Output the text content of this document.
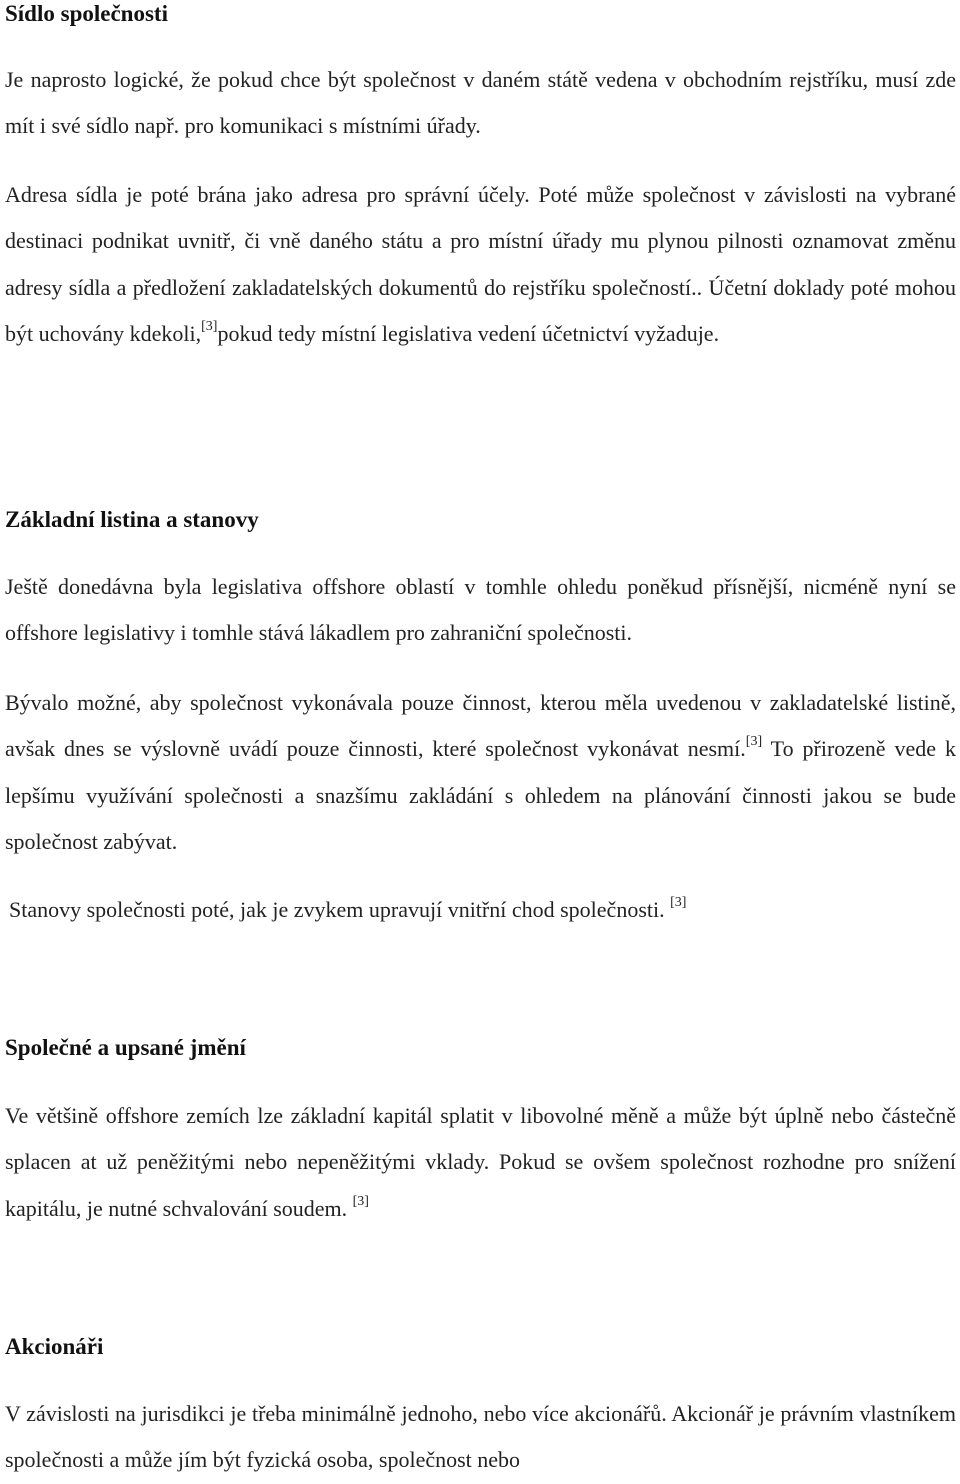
Sídlo společnosti

Je naprosto logické, že pokud chce být společnost v daném státě vedena v obchodním rejstříku, musí zde mít i své sídlo např. pro komunikaci s místními úřady.

Adresa sídla je poté brána jako adresa pro správní účely. Poté může společnost v závislosti na vybrané destinaci podnikat uvnitř, či vně daného státu a pro místní úřady mu plynou pilnosti oznamovat změnu adresy sídla a předložení zakladatelských dokumentů do rejstříku společností.. Účetní doklady poté mohou být uchovány kdekoli,[3]pokud tedy místní legislativa vedení účetnictví vyžaduje.

Základní listina a stanovy

Ještě donedávna byla legislativa offshore oblastí v tomhle ohledu poněkud přísnější, nicméně nyní se offshore legislativy i tomhle stává lákadlem pro zahraniční společnosti.

Bývalo možné, aby společnost vykonávala pouze činnost, kterou měla uvedenou v zakladatelské listině, avšak dnes se výslovně uvádí pouze činnosti, které společnost vykonávat nesmí.[3] To přirozeně vede k lepšímu využívání společnosti a snazšímu zakládání s ohledem na plánování činnosti jakou se bude společnost zabývat.

Stanovy společnosti poté, jak je zvykem upravují vnitřní chod společnosti. [3]

Společné a upsané jmění

Ve většině offshore zemích lze základní kapitál splatit v libovolné měně a může být úplně nebo částečně splacen at už peněžitými nebo nepeněžitými vklady. Pokud se ovšem společnost rozhodne pro snížení kapitálu, je nutné schvalování soudem. [3]

Akcionáři

V závislosti na jurisdikci je třeba minimálně jednoho, nebo více akcionářů. Akcionář je právním vlastníkem společnosti a může jím být fyzická osoba, společnost nebo
